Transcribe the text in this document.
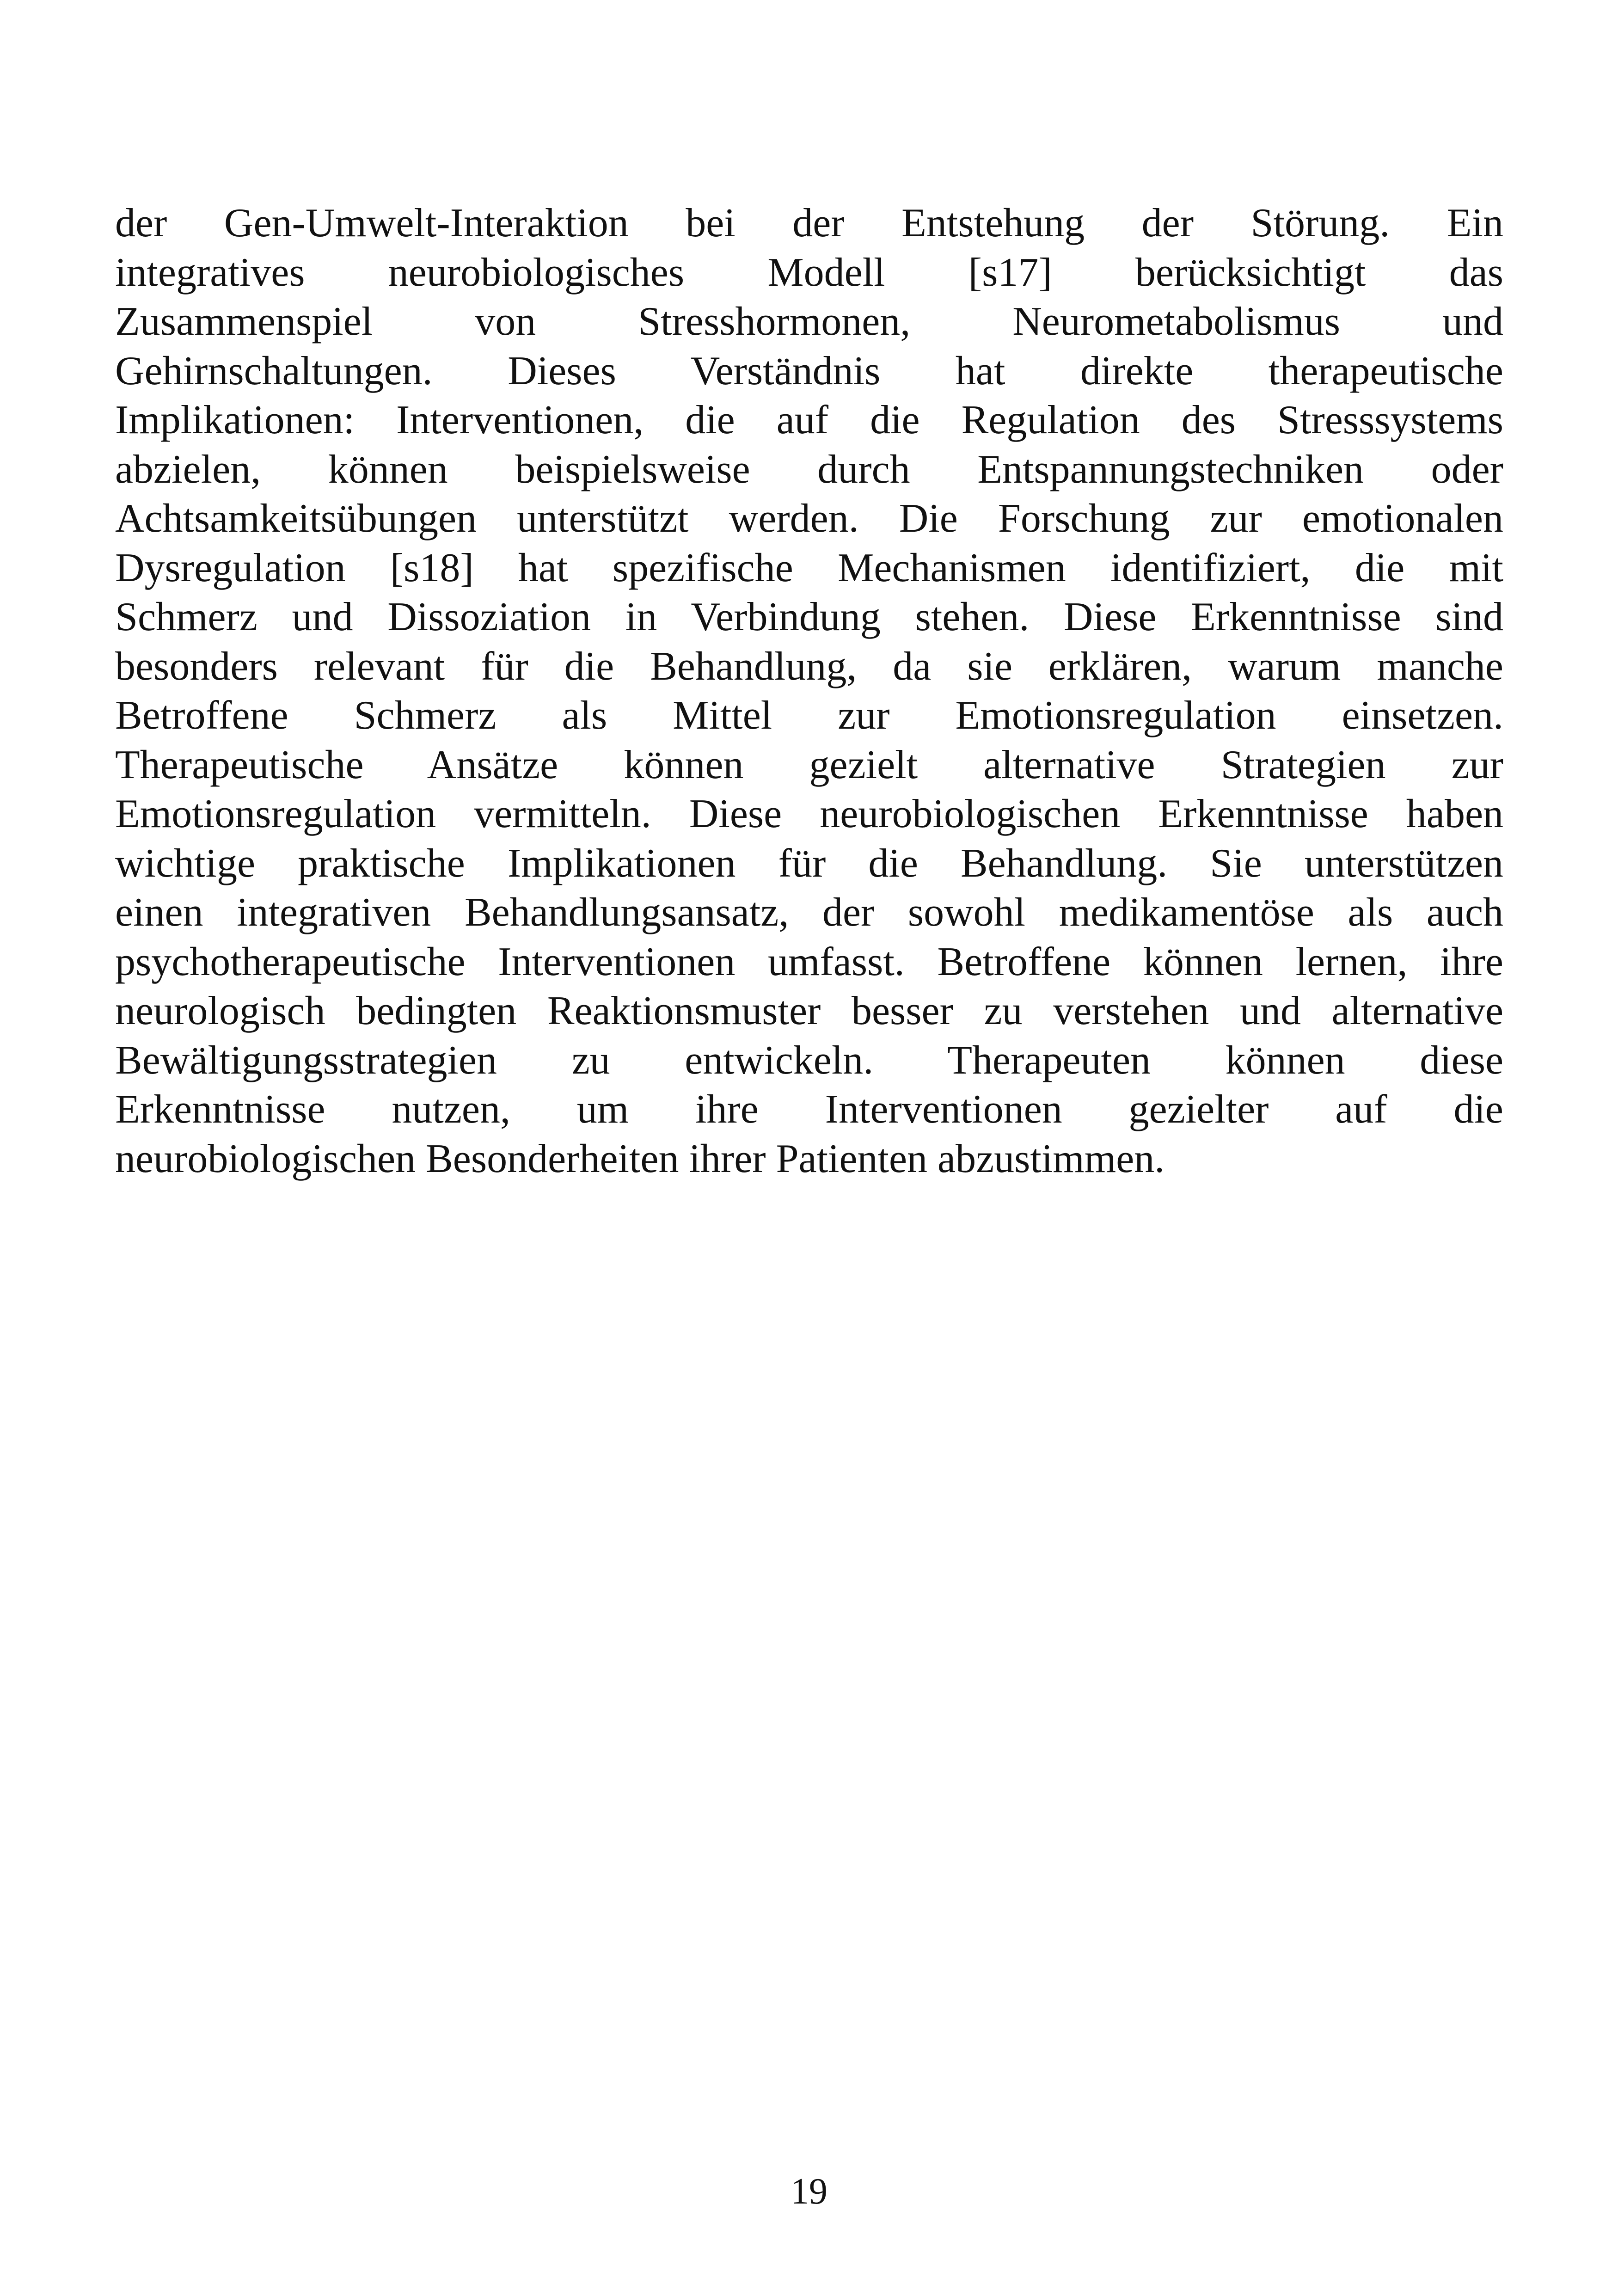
der Gen-Umwelt-Interaktion bei der Entstehung der Störung. Ein
integratives neurobiologisches Modell [s17] berücksichtigt das
Zusammenspiel von Stresshormonen, Neurometabolismus und
Gehirnschaltungen. Dieses Verständnis hat direkte therapeutische
Implikationen: Interventionen, die auf die Regulation des Stresssystems
abzielen, können beispielsweise durch Entspannungstechniken oder
Achtsamkeitsübungen unterstützt werden. Die Forschung zur emotionalen
Dysregulation [s18] hat spezifische Mechanismen identifiziert, die mit
Schmerz und Dissoziation in Verbindung stehen. Diese Erkenntnisse sind
besonders relevant für die Behandlung, da sie erklären, warum manche
Betroffene Schmerz als Mittel zur Emotionsregulation einsetzen.
Therapeutische Ansätze können gezielt alternative Strategien zur
Emotionsregulation vermitteln. Diese neurobiologischen Erkenntnisse haben
wichtige praktische Implikationen für die Behandlung. Sie unterstützen
einen integrativen Behandlungsansatz, der sowohl medikamentöse als auch
psychotherapeutische Interventionen umfasst. Betroffene können lernen, ihre
neurologisch bedingten Reaktionsmuster besser zu verstehen und alternative
Bewältigungsstrategien zu entwickeln. Therapeuten können diese
Erkenntnisse nutzen, um ihre Interventionen gezielter auf die
neurobiologischen Besonderheiten ihrer Patienten abzustimmen.
19
